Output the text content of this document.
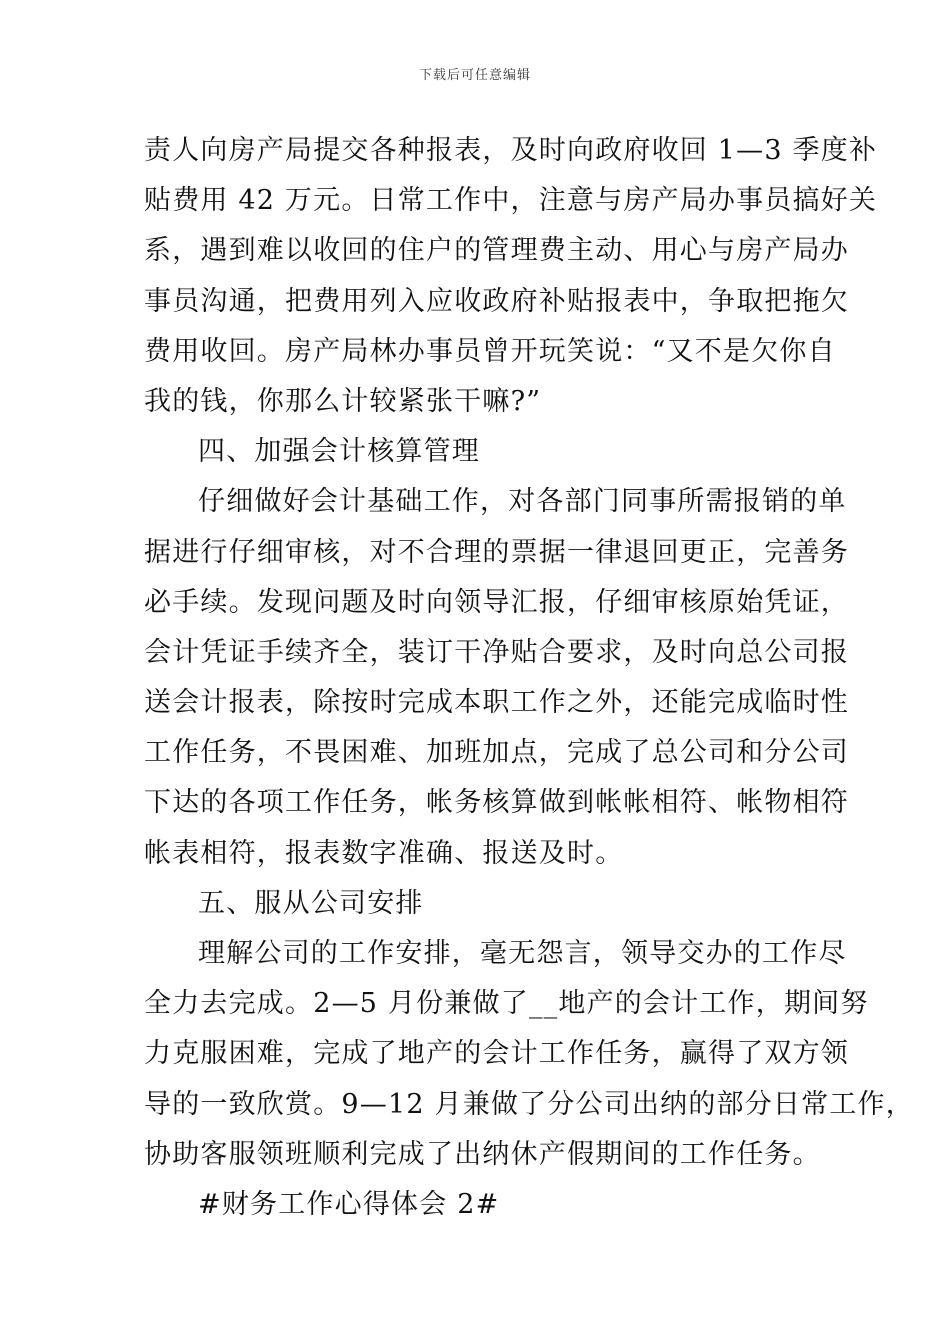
下载后可任意编辑
责人向房产局提交各种报表，及时向政府收回 1—3 季度补
贴费用 42 万元。日常工作中，注意与房产局办事员搞好关
系，遇到难以收回的住户的管理费主动、用心与房产局办
事员沟通，把费用列入应收政府补贴报表中，争取把拖欠
费用收回。房产局林办事员曾开玩笑说：“又不是欠你自
我的钱，你那么计较紧张干嘛?”
四、加强会计核算管理
仔细做好会计基础工作，对各部门同事所需报销的单
据进行仔细审核，对不合理的票据一律退回更正，完善务
必手续。发现问题及时向领导汇报，仔细审核原始凭证，
会计凭证手续齐全，装订干净贴合要求，及时向总公司报
送会计报表，除按时完成本职工作之外，还能完成临时性
工作任务，不畏困难、加班加点，完成了总公司和分公司
下达的各项工作任务，帐务核算做到帐帐相符、帐物相符
帐表相符，报表数字准确、报送及时。
五、服从公司安排
理解公司的工作安排，毫无怨言，领导交办的工作尽
全力去完成。2—5 月份兼做了__地产的会计工作，期间努
力克服困难，完成了地产的会计工作任务，赢得了双方领
导的一致欣赏。9—12 月兼做了分公司出纳的部分日常工作，
协助客服领班顺利完成了出纳休产假期间的工作任务。
#财务工作心得体会 2#
